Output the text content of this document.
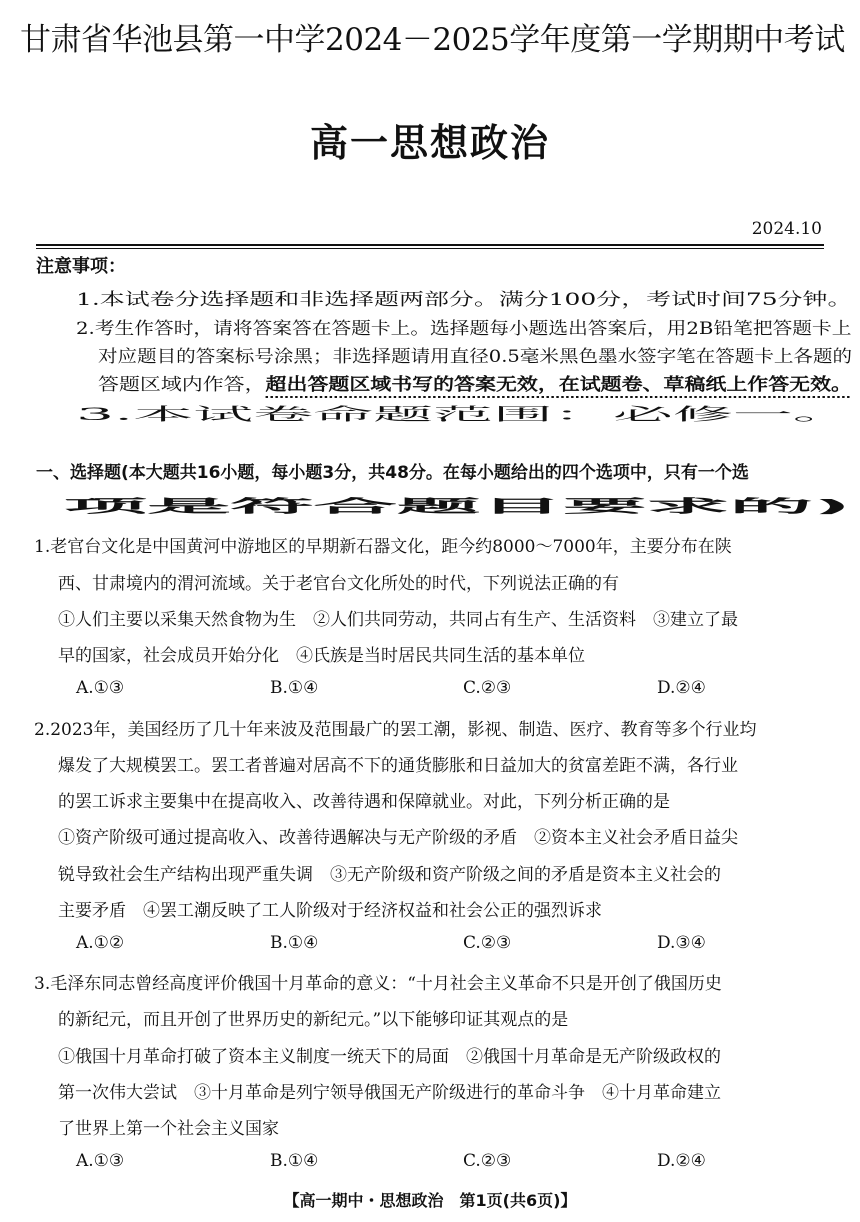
甘肃省华池县第一中学2024－2025学年度第一学期期中考试
高一思想政治
2024.10
注意事项：
1.本试卷分选择题和非选择题两部分。满分100分，考试时间75分钟。
2.考生作答时，请将答案答在答题卡上。选择题每小题选出答案后，用2B铅笔把答题卡上
对应题目的答案标号涂黑；非选择题请用直径0.5毫米黑色墨水签字笔在答题卡上各题的
答题区域内作答，超出答题区域书写的答案无效，在试题卷、草稿纸上作答无效。
3.本试卷命题范围：必修一。
一、选择题(本大题共16小题，每小题3分，共48分。在每小题给出的四个选项中，只有一个选
项是符合题目要求的)
1.老官台文化是中国黄河中游地区的早期新石器文化，距今约8000～7000年，主要分布在陕
西、甘肃境内的渭河流域。关于老官台文化所处的时代，下列说法正确的有
①人们主要以采集天然食物为生　②人们共同劳动，共同占有生产、生活资料　③建立了最
早的国家，社会成员开始分化　④氏族是当时居民共同生活的基本单位
A.①③	B.①④	C.②③	D.②④
2.2023年，美国经历了几十年来波及范围最广的罢工潮，影视、制造、医疗、教育等多个行业均
爆发了大规模罢工。罢工者普遍对居高不下的通货膨胀和日益加大的贫富差距不满，各行业
的罢工诉求主要集中在提高收入、改善待遇和保障就业。对此，下列分析正确的是
①资产阶级可通过提高收入、改善待遇解决与无产阶级的矛盾　②资本主义社会矛盾日益尖
锐导致社会生产结构出现严重失调　③无产阶级和资产阶级之间的矛盾是资本主义社会的
主要矛盾　④罢工潮反映了工人阶级对于经济权益和社会公正的强烈诉求
A.①②	B.①④	C.②③	D.③④
3.毛泽东同志曾经高度评价俄国十月革命的意义：“十月社会主义革命不只是开创了俄国历史
的新纪元，而且开创了世界历史的新纪元。”以下能够印证其观点的是
①俄国十月革命打破了资本主义制度一统天下的局面　②俄国十月革命是无产阶级政权的
第一次伟大尝试　③十月革命是列宁领导俄国无产阶级进行的革命斗争　④十月革命建立
了世界上第一个社会主义国家
A.①③	B.①④	C.②③	D.②④
【高一期中・思想政治　第1页(共6页)】
